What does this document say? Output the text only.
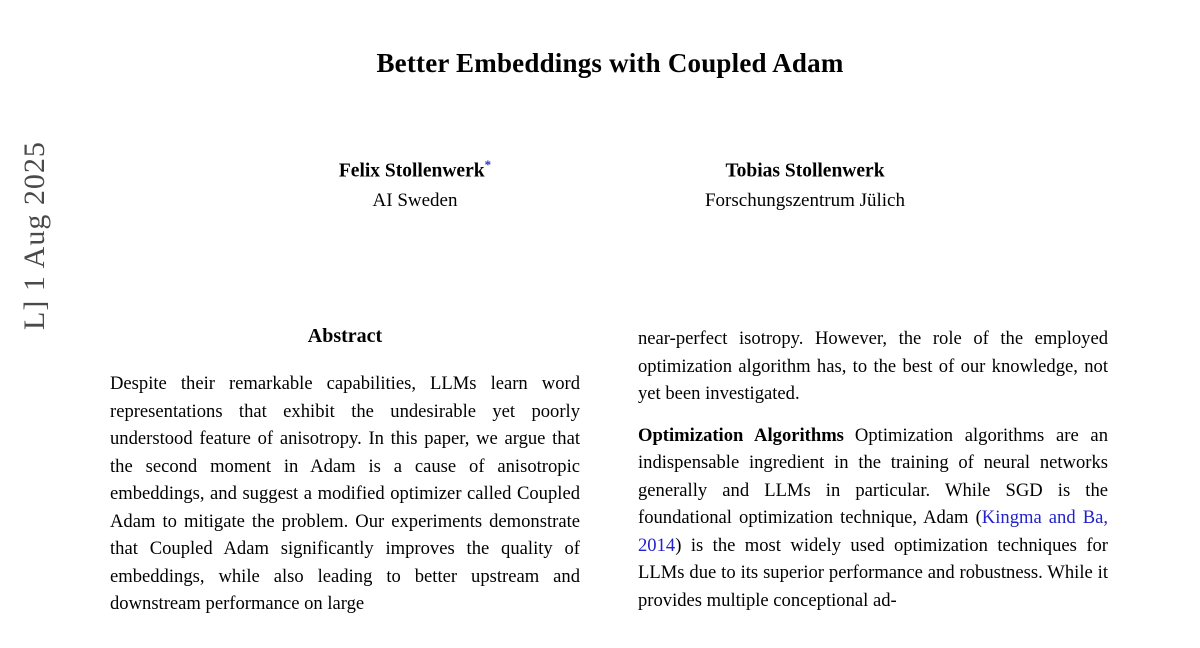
L] 1 Aug 2025
Better Embeddings with Coupled Adam
Felix Stollenwerk*
AI Sweden
Tobias Stollenwerk
Forschungszentrum Jülich
Abstract

Despite their remarkable capabilities, LLMs learn word representations that exhibit the undesirable yet poorly understood feature of anisotropy. In this paper, we argue that the second moment in Adam is a cause of anisotropic embeddings, and suggest a modified optimizer called Coupled Adam to mitigate the problem. Our experiments demonstrate that Coupled Adam significantly improves the quality of embeddings, while also leading to better upstream and downstream performance on large

near-perfect isotropy. However, the role of the employed optimization algorithm has, to the best of our knowledge, not yet been investigated.

Optimization Algorithms Optimization algorithms are an indispensable ingredient in the training of neural networks generally and LLMs in particular. While SGD is the foundational optimization technique, Adam (Kingma and Ba, 2014) is the most widely used optimization techniques for LLMs due to its superior performance and robustness. While it provides multiple conceptional ad-
